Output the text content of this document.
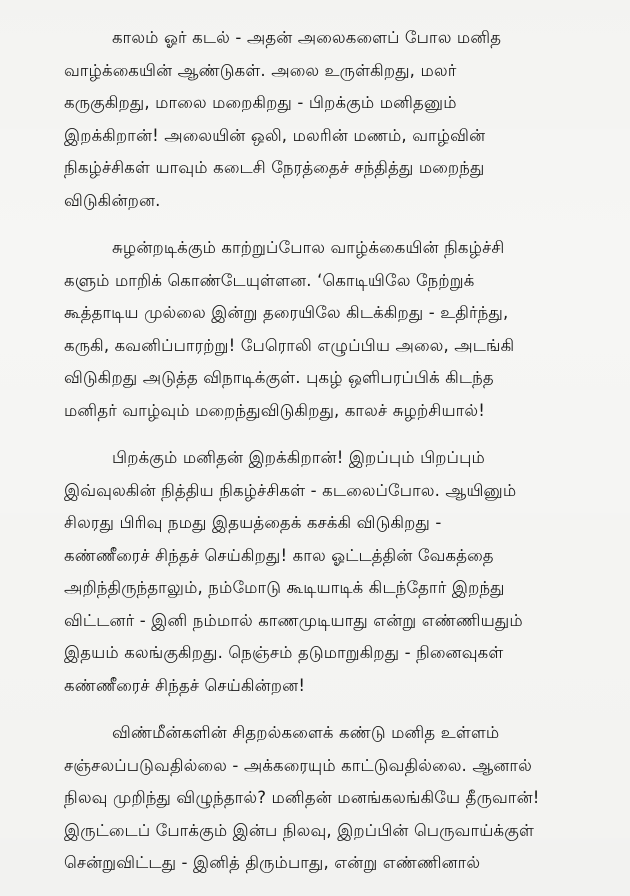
காலம் ஓர் கடல் - அதன் அலைகளைப் போல மனித
வாழ்க்கையின் ஆண்டுகள். அலை உருள்கிறது, மலர்
கருகுகிறது, மாலை மறைகிறது - பிறக்கும் மனிதனும்
இறக்கிறான்! அலையின் ஒலி, மலரின் மணம், வாழ்வின்
நிகழ்ச்சிகள் யாவும் கடைசி நேரத்தைச் சந்தித்து மறைந்து
விடுகின்றன.

சுழன்றடிக்கும் காற்றுப்போல வாழ்க்கையின் நிகழ்ச்சி
களும் மாறிக் கொண்டேயுள்ளன. ‘கொடியிலே நேற்றுக்
கூத்தாடிய முல்லை இன்று தரையிலே கிடக்கிறது - உதிர்ந்து,
கருகி, கவனிப்பாரற்று! பேரொலி எழுப்பிய அலை, அடங்கி
விடுகிறது அடுத்த விநாடிக்குள். புகழ் ஒளிபரப்பிக் கிடந்த
மனிதர் வாழ்வும் மறைந்துவிடுகிறது, காலச் சுழற்சியால்!

பிறக்கும் மனிதன் இறக்கிறான்! இறப்பும் பிறப்பும்
இவ்வுலகின் நித்திய நிகழ்ச்சிகள் - கடலைப்போல. ஆயினும்
சிலரது பிரிவு நமது இதயத்தைக் கசக்கி விடுகிறது -
கண்ணீரைச் சிந்தச் செய்கிறது! கால ஓட்டத்தின் வேகத்தை
அறிந்திருந்தாலும், நம்மோடு கூடியாடிக் கிடந்தோர் இறந்து
விட்டனர் - இனி நம்மால் காணமுடியாது என்று எண்ணியதும்
இதயம் கலங்குகிறது. நெஞ்சம் தடுமாறுகிறது - நினைவுகள்
கண்ணீரைச் சிந்தச் செய்கின்றன!

விண்மீன்களின் சிதறல்களைக் கண்டு மனித உள்ளம்
சஞ்சலப்படுவதில்லை - அக்கரையும் காட்டுவதில்லை. ஆனால்
நிலவு முறிந்து விழுந்தால்? மனிதன் மனங்கலங்கியே தீருவான்!
இருட்டைப் போக்கும் இன்ப நிலவு, இறப்பின் பெருவாய்க்குள்
சென்றுவிட்டது - இனித் திரும்பாது, என்று எண்ணினால்
